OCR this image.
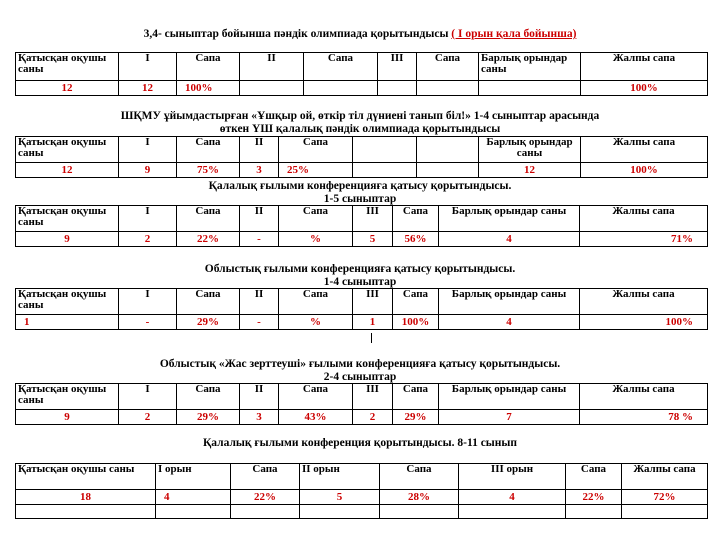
3,4- сыныптар бойынша пәндік олимпиада қорытындысы ( I орын қала бойынша)
Қатысқан оқушы саны	I	Сапа	II	Сапа	III	Сапа	Барлық орындар саны	Жалпы сапа
12	12	100%						100%
ШҚМУ ұйымдастырған «Ұшқыр ой, өткір тіл дүниені танып біл!» 1-4 сыныптар арасында
өткен ҮШ қалалық пәндік олимпиада қорытындысы
Қатысқан оқушы саны	I	Сапа	II	Сапа			Барлық орындар саны	Жалпы сапа
12	9	75%	3	25%			12	100%
Қалалық ғылыми конференцияға қатысу қорытындысы.
1-5 сыныптар
Қатысқан оқушы саны	I	Сапа	II	Сапа	III	Сапа	Барлық орындар саны	Жалпы сапа
9	2	22%	-	%	5	56%	4	71%
Облыстық ғылыми конференцияға қатысу қорытындысы.
1-4 сыныптар
Қатысқан оқушы саны	I	Сапа	II	Сапа	III	Сапа	Барлық орындар саны	Жалпы сапа
1	-	29%	-	%	1	100%	4	100%
Облыстық «Жас зерттеуші» ғылыми конференцияға қатысу қорытындысы.
2-4 сыныптар
Қатысқан оқушы саны	I	Сапа	II	Сапа	III	Сапа	Барлық орындар саны	Жалпы сапа
9	2	29%	3	43%	2	29%	7	78 %
Қалалық ғылыми конференция қорытындысы. 8-11 сынып
Қатысқан оқушы саны	I орын	Сапа	II орын	Сапа	III орын	Сапа	Жалпы сапа
18	4	22%	5	28%	4	22%	72%
